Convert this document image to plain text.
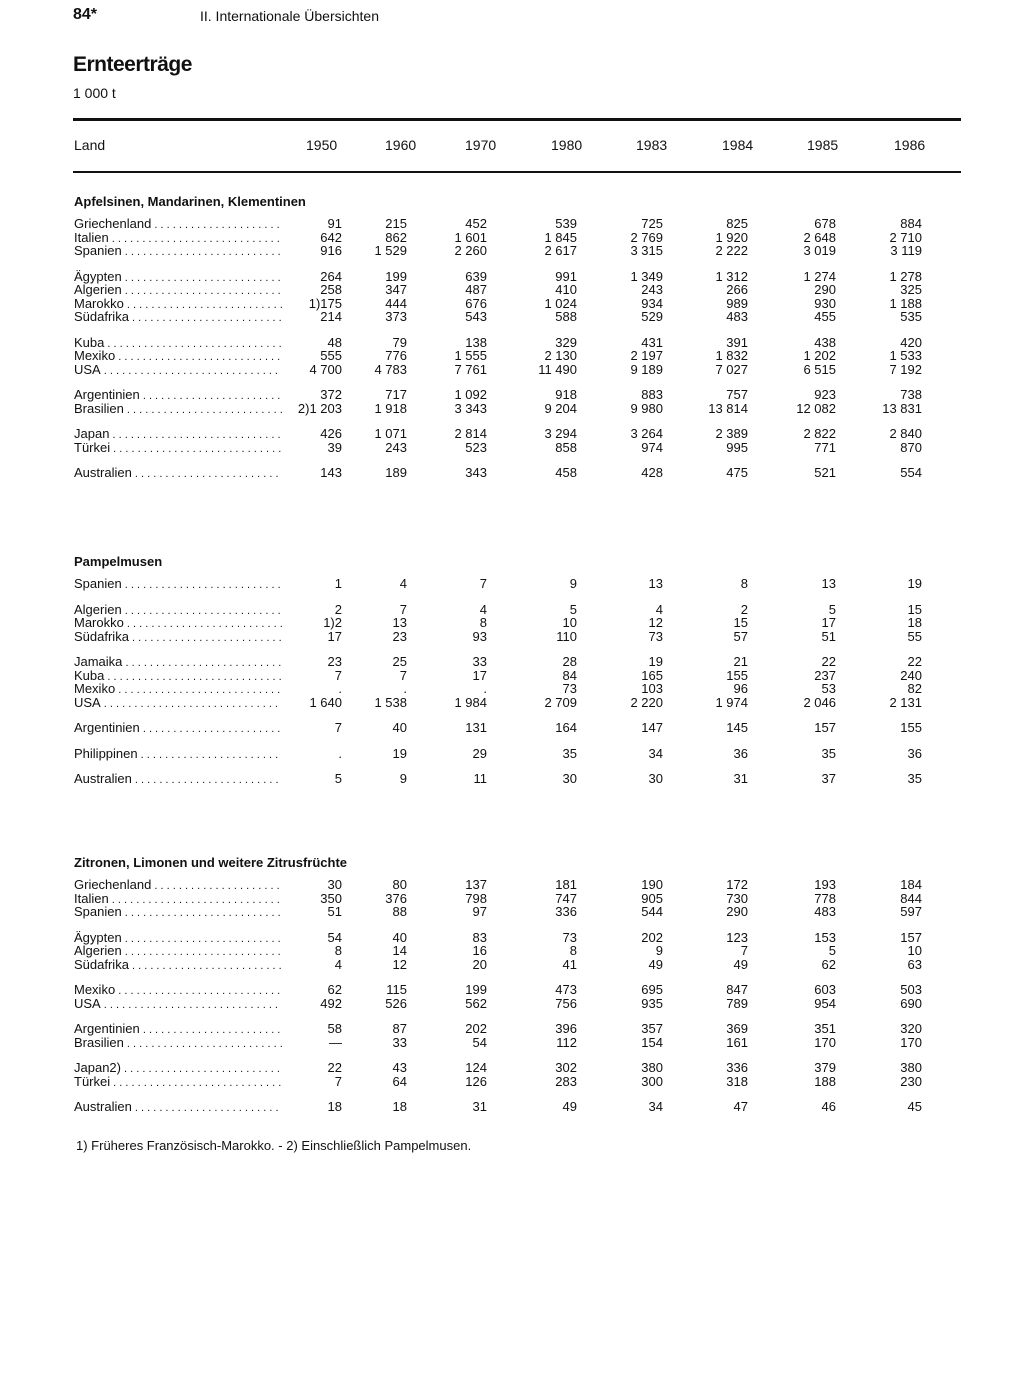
84*	II. Internationale Übersichten
Ernteerträge
1 000 t
Land	1950	1960	1970	1980	1983	1984	1985	1986
Apfelsinen, Mandarinen, Klementinen
Griechenland . . .	91	215	452	539	725	825	678	884
Italien . . .	642	862	1 601	1 845	2 769	1 920	2 648	2 710
Spanien . . .	916	1 529	2 260	2 617	3 315	2 222	3 019	3 119
Ägypten . . .	264	199	639	991	1 349	1 312	1 274	1 278
Algerien . . .	258	347	487	410	243	266	290	325
Marokko . . .	1)175	444	676	1 024	934	989	930	1 188
Südafrika . . .	214	373	543	588	529	483	455	535
Kuba . . .	48	79	138	329	431	391	438	420
Mexiko . . .	555	776	1 555	2 130	2 197	1 832	1 202	1 533
USA . . .	4 700	4 783	7 761	11 490	9 189	7 027	6 515	7 192
Argentinien . . .	372	717	1 092	918	883	757	923	738
Brasilien . . .	2)1 203	1 918	3 343	9 204	9 980	13 814	12 082	13 831
Japan . . .	426	1 071	2 814	3 294	3 264	2 389	2 822	2 840
Türkei . . .	39	243	523	858	974	995	771	870
Australien . . .	143	189	343	458	428	475	521	554
Pampelmusen
Spanien . . .	1	4	7	9	13	8	13	19
Algerien . . .	2	7	4	5	4	2	5	15
Marokko . . .	1)2	13	8	10	12	15	17	18
Südafrika . . .	17	23	93	110	73	57	51	55
Jamaika . . .	23	25	33	28	19	21	22	22
Kuba . . .	7	7	17	84	165	155	237	240
Mexiko . . .	.	.	.	73	103	96	53	82
USA . . .	1 640	1 538	1 984	2 709	2 220	1 974	2 046	2 131
Argentinien . . .	7	40	131	164	147	145	157	155
Philippinen . . .	.	19	29	35	34	36	35	36
Australien . . .	5	9	11	30	30	31	37	35
Zitronen, Limonen und weitere Zitrusfrüchte
Griechenland . . .	30	80	137	181	190	172	193	184
Italien . . .	350	376	798	747	905	730	778	844
Spanien . . .	51	88	97	336	544	290	483	597
Ägypten . . .	54	40	83	73	202	123	153	157
Algerien . . .	8	14	16	8	9	7	5	10
Südafrika . . .	4	12	20	41	49	49	62	63
Mexiko . . .	62	115	199	473	695	847	603	503
USA . . .	492	526	562	756	935	789	954	690
Argentinien . . .	58	87	202	396	357	369	351	320
Brasilien . . .	—	33	54	112	154	161	170	170
Japan2) . . .	22	43	124	302	380	336	379	380
Türkei . . .	7	64	126	283	300	318	188	230
Australien . . .	18	18	31	49	34	47	46	45
1) Früheres Französisch-Marokko. - 2) Einschließlich Pampelmusen.
